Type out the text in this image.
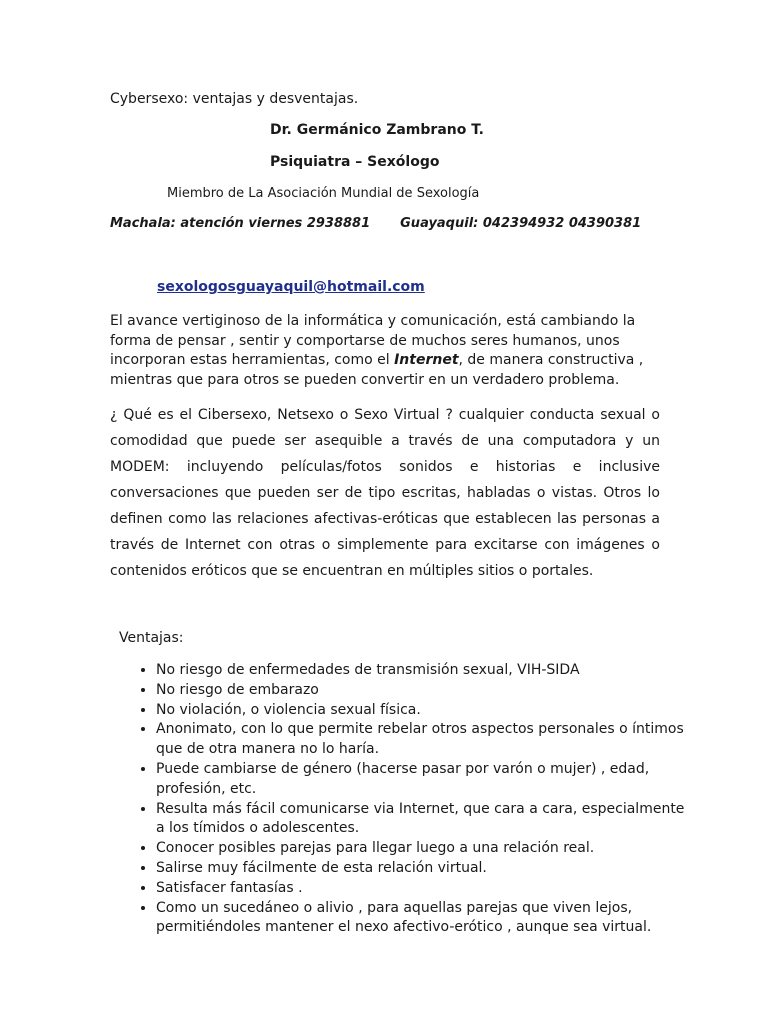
Cybersexo: ventajas y desventajas.
Dr. Germánico Zambrano T.
Psiquiatra – Sexólogo
Miembro de La Asociación Mundial de Sexología
Machala: atención viernes 2938881 Guayaquil: 042394932 04390381
sexologosguayaquil@hotmail.com
El avance vertiginoso de la informática y comunicación, está cambiando la forma de pensar , sentir y comportarse de muchos seres humanos, unos incorporan estas herramientas, como el Internet, de manera constructiva , mientras que para otros se pueden convertir en un verdadero problema.
¿ Qué es el Cibersexo, Netsexo o Sexo Virtual ? cualquier conducta sexual o comodidad que puede ser asequible a través de una computadora y un MODEM: incluyendo películas/fotos sonidos e historias e inclusive conversaciones que pueden ser de tipo escritas, habladas o vistas. Otros lo definen como las relaciones afectivas-eróticas que establecen las personas a través de Internet con otras o simplemente para excitarse con imágenes o contenidos eróticos que se encuentran en múltiples sitios o portales.
Ventajas:
• No riesgo de enfermedades de transmisión sexual, VIH-SIDA
• No riesgo de embarazo
• No violación, o violencia sexual física.
• Anonimato, con lo que permite rebelar otros aspectos personales o íntimos que de otra manera no lo haría.
• Puede cambiarse de género (hacerse pasar por varón o mujer) , edad, profesión, etc.
• Resulta más fácil comunicarse via Internet, que cara a cara, especialmente a los tímidos o adolescentes.
• Conocer posibles parejas para llegar luego a una relación real.
• Salirse muy fácilmente de esta relación virtual.
• Satisfacer fantasías .
• Como un sucedáneo o alivio , para aquellas parejas que viven lejos, permitiéndoles mantener el nexo afectivo-erótico , aunque sea virtual.
